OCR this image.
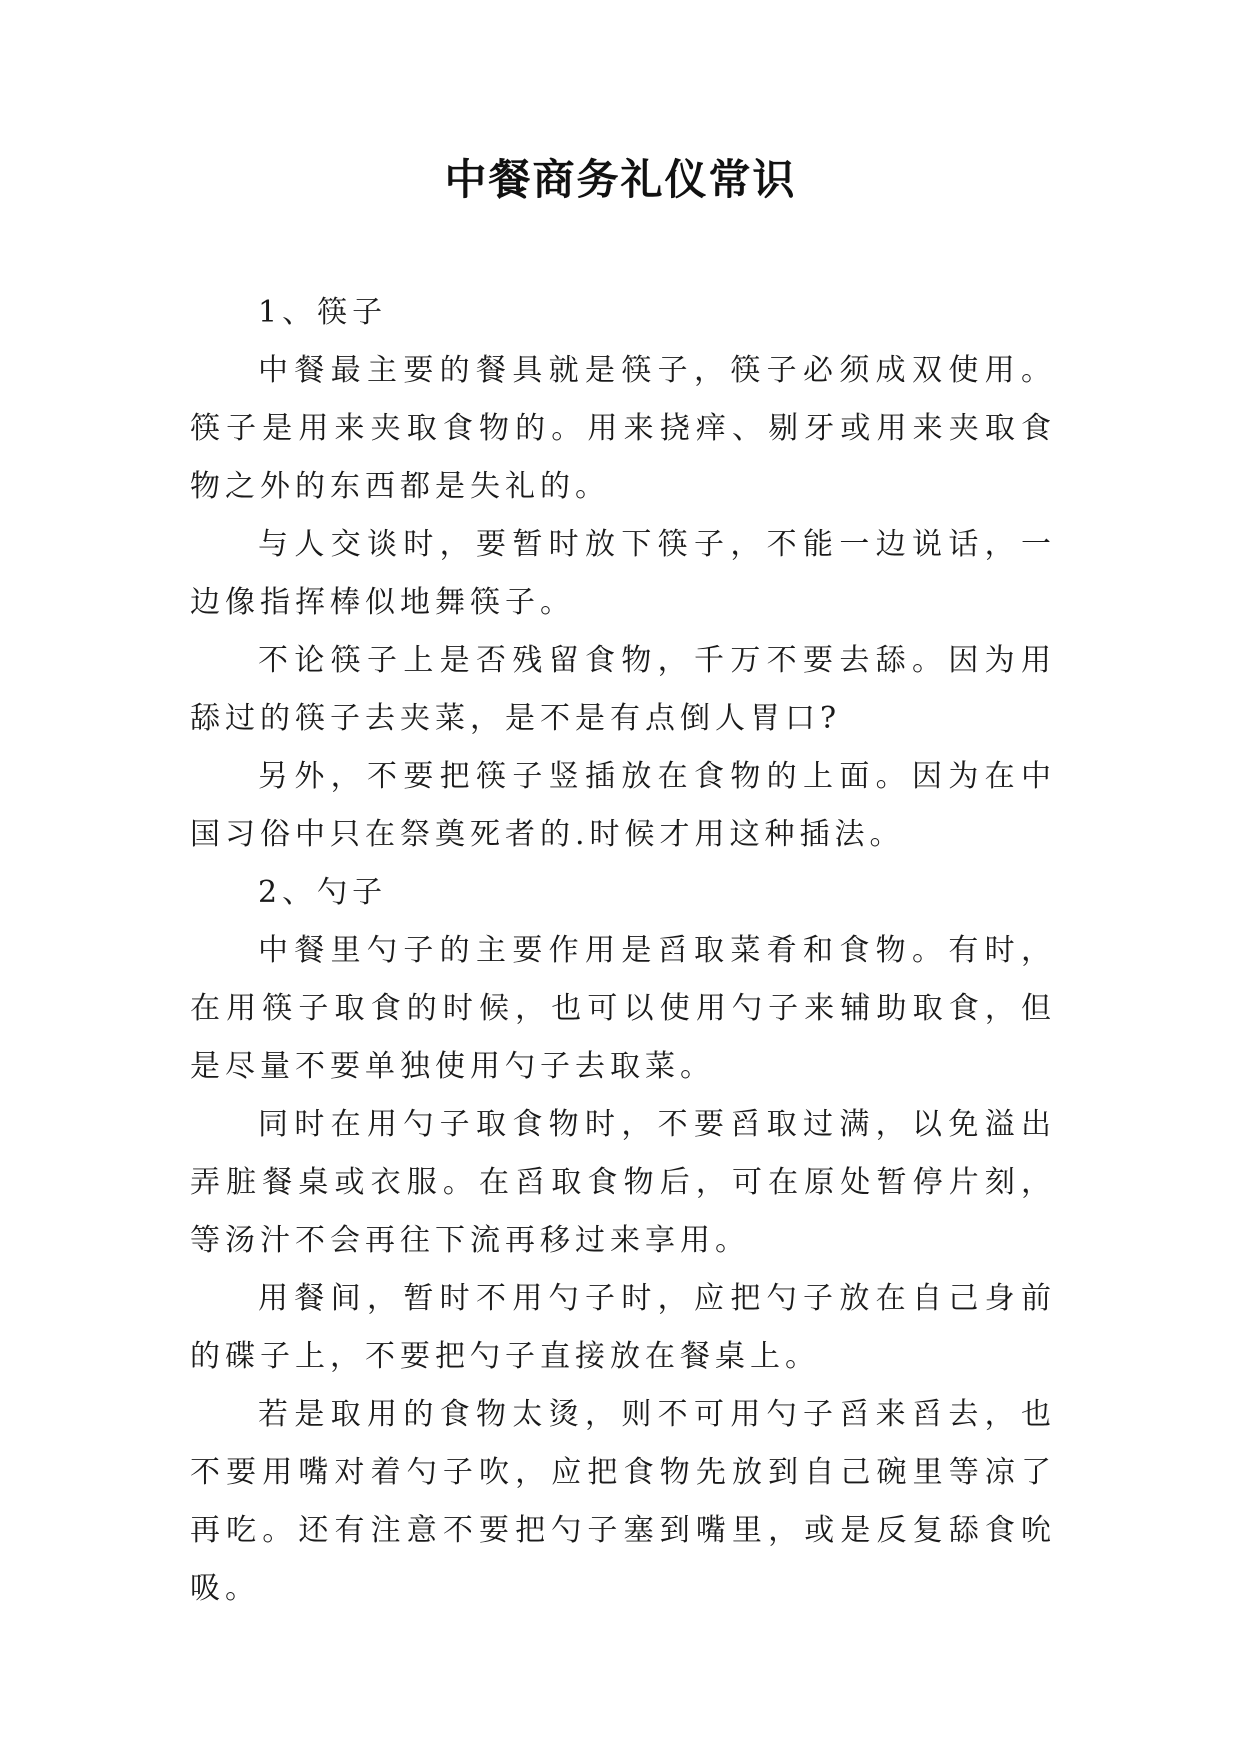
中餐商务礼仪常识

1、筷子

中餐最主要的餐具就是筷子，筷子必须成双使用。筷子是用来夹取食物的。用来挠痒、剔牙或用来夹取食物之外的东西都是失礼的。

与人交谈时，要暂时放下筷子，不能一边说话，一边像指挥棒似地舞筷子。

不论筷子上是否残留食物，千万不要去舔。因为用舔过的筷子去夹菜，是不是有点倒人胃口?

另外，不要把筷子竖插放在食物的上面。因为在中国习俗中只在祭奠死者的.时候才用这种插法。

2、勺子

中餐里勺子的主要作用是舀取菜肴和食物。有时，在用筷子取食的时候，也可以使用勺子来辅助取食，但是尽量不要单独使用勺子去取菜。

同时在用勺子取食物时，不要舀取过满，以免溢出弄脏餐桌或衣服。在舀取食物后，可在原处暂停片刻，等汤汁不会再往下流再移过来享用。

用餐间，暂时不用勺子时，应把勺子放在自己身前的碟子上，不要把勺子直接放在餐桌上。

若是取用的食物太烫，则不可用勺子舀来舀去，也不要用嘴对着勺子吹，应把食物先放到自己碗里等凉了再吃。还有注意不要把勺子塞到嘴里，或是反复舔食吮吸。
